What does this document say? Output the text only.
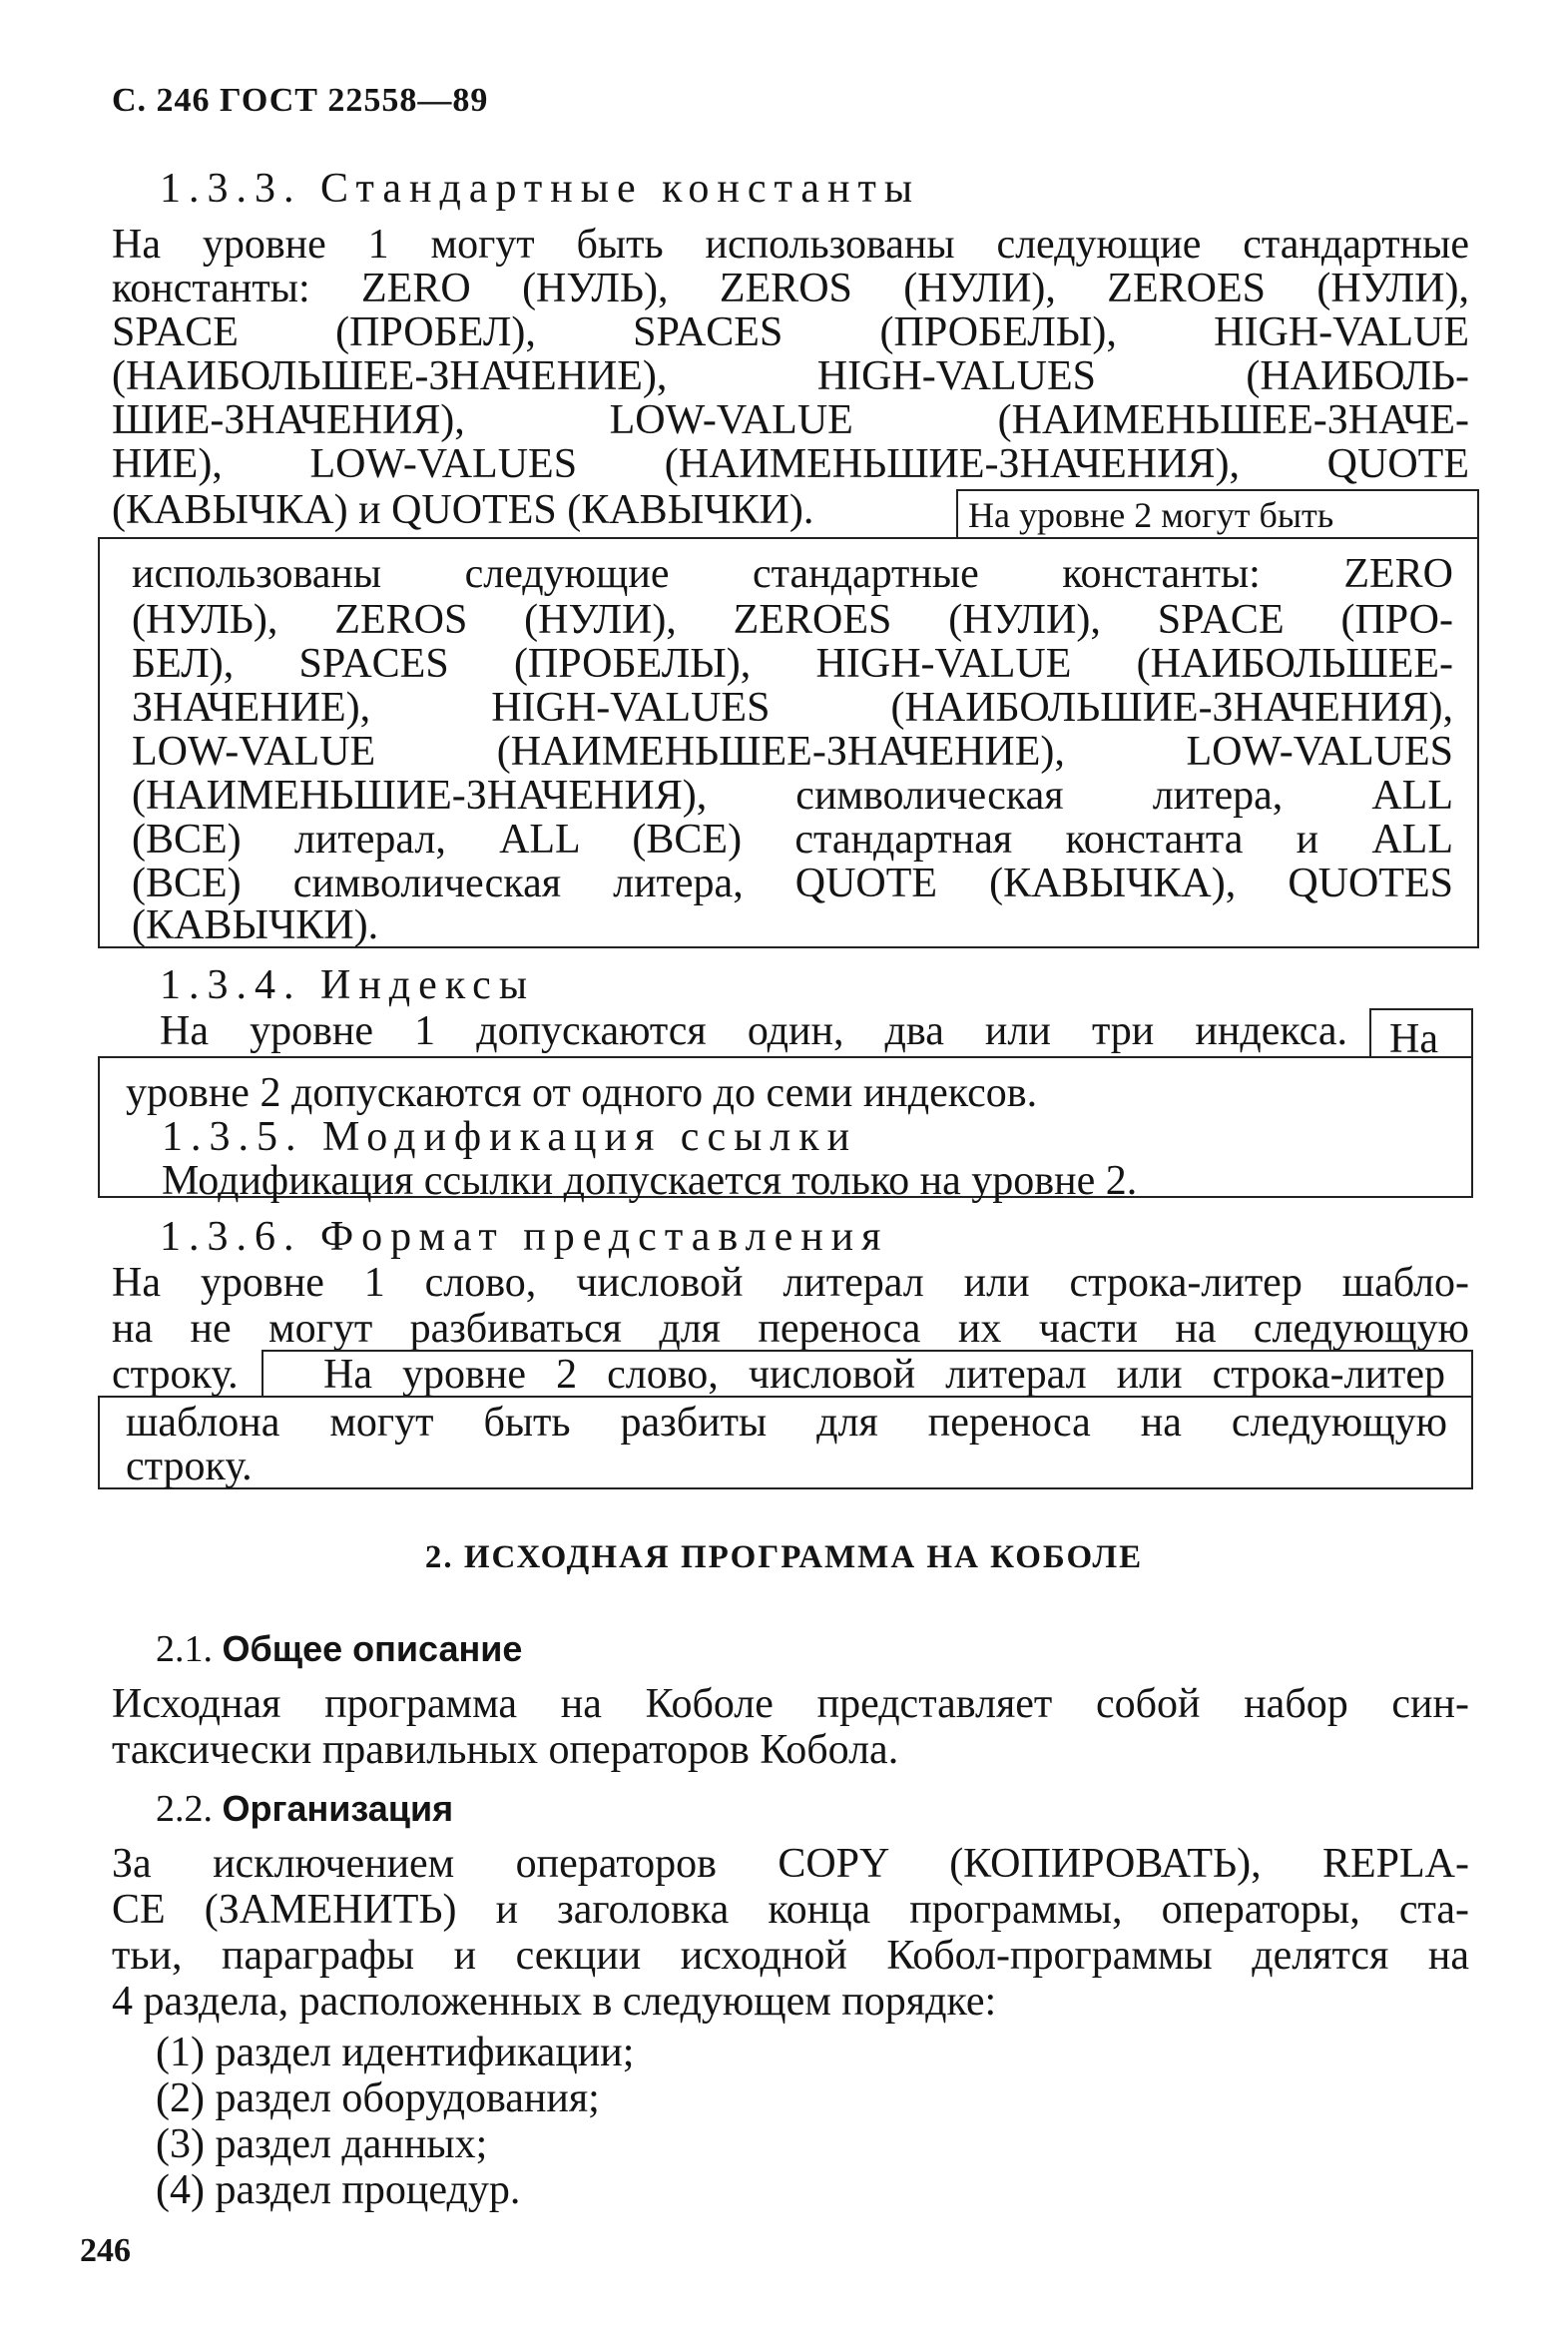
С. 246 ГОСТ 22558—89
1.3.3. Стандартные константы
На уровне 1 могут быть использованы следующие стандартные
константы: ZERO (НУЛЬ), ZEROS (НУЛИ), ZEROES (НУЛИ),
SPACE (ПРОБЕЛ), SPACES (ПРОБЕЛЫ), HIGH-VALUE
(НАИБОЛЬШЕЕ-ЗНАЧЕНИЕ), HIGH-VALUES (НАИБОЛЬ-
ШИЕ-ЗНАЧЕНИЯ), LOW-VALUE (НАИМЕНЬШЕЕ-ЗНАЧЕ-
НИЕ), LOW-VALUES (НАИМЕНЬШИЕ-ЗНАЧЕНИЯ), QUOTE
(КАВЫЧКА) и QUOTES (КАВЫЧКИ).	На уровне 2 могут быть
использованы следующие стандартные константы: ZERO
(НУЛЬ), ZEROS (НУЛИ), ZEROES (НУЛИ), SPACE (ПРО-
БЕЛ), SPACES (ПРОБЕЛЫ), HIGH-VALUE (НАИБОЛЬШЕЕ-
ЗНАЧЕНИЕ), HIGH-VALUES (НАИБОЛЬШИЕ-ЗНАЧЕНИЯ),
LOW-VALUE (НАИМЕНЬШЕЕ-ЗНАЧЕНИЕ), LOW-VALUES
(НАИМЕНЬШИЕ-ЗНАЧЕНИЯ), символическая литера, ALL
(ВСЕ) литерал, ALL (ВСЕ) стандартная константа и ALL
(ВСЕ) символическая литера, QUOTE (КАВЫЧКА), QUOTES
(КАВЫЧКИ).
1.3.4. Индексы
На уровне 1 допускаются один, два или три индекса. На
уровне 2 допускаются от одного до семи индексов.
1.3.5. Модификация ссылки
Модификация ссылки допускается только на уровне 2.
1.3.6. Формат представления
На уровне 1 слово, числовой литерал или строка-литер шабло-
на не могут разбиваться для переноса их части на следующую
строку. На уровне 2 слово, числовой литерал или строка-литер
шаблона могут быть разбиты для переноса на следующую
строку.
2. ИСХОДНАЯ ПРОГРАММА НА КОБОЛЕ
2.1. Общее описание
Исходная программа на Коболе представляет собой набор син-
таксически правильных операторов Кобола.
2.2. Организация
За исключением операторов COPY (КОПИРОВАТЬ), REPLA-
CE (ЗАМЕНИТЬ) и заголовка конца программы, операторы, ста-
тьи, параграфы и секции исходной Кобол-программы делятся на
4 раздела, расположенных в следующем порядке:
(1) раздел идентификации;
(2) раздел оборудования;
(3) раздел данных;
(4) раздел процедур.
246
